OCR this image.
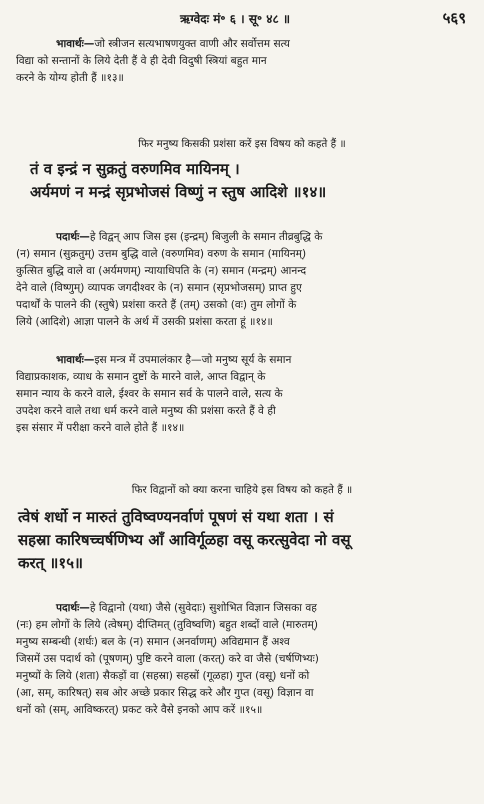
ऋग्वेदः मं॰ ६ । सू॰ ४८ ॥	५६९
भावार्थः—जो स्त्रीजन सत्यभाषणयुक्त वाणी और सर्वोत्तम सत्य
विद्या को सन्तानों के लिये देती हैं वे ही देवी विदुषी स्त्रियां बहुत मान
करने के योग्य होती हैं ॥१३॥
फिर मनुष्य किसकी प्रशंसा करें इस विषय को कहते हैं ॥
तं व इन्द्रं न सुक्रतुं वरुणमिव मायिनम् ।
अर्यमणं न मन्द्रं सृप्रभोजसं विष्णुं न स्तुष आदिशे ॥१४॥
पदार्थः—हे विद्वन् आप जिस इस (इन्द्रम्) बिजुली के समान तीव्रबुद्धि के
(न) समान (सुक्रतुम्) उत्तम बुद्धि वाले (वरुणमिव) वरुण के समान (मायिनम्)
कुत्सित बुद्धि वाले वा (अर्यमणम्) न्यायाधिपति के (न) समान (मन्द्रम्) आनन्द
देने वाले (विष्णुम्) व्यापक जगदीश्वर के (न) समान (सृप्रभोजसम्) प्राप्त हुए
पदार्थों के पालने की (स्तुषे) प्रशंसा करते हैं (तम्) उसको (वः) तुम लोगों के
लिये (आदिशे) आज्ञा पालने के अर्थ में उसकी प्रशंसा करता हूं ॥१४॥
भावार्थः—इस मन्त्र में उपमालंकार है—जो मनुष्य सूर्य के समान
विद्याप्रकाशक, व्याध के समान दुष्टों के मारने वाले, आप्त विद्वान् के
समान न्याय के करने वाले, ईश्वर के समान सर्व के पालने वाले, सत्य के
उपदेश करने वाले तथा धर्म करने वाले मनुष्य की प्रशंसा करते हैं वे ही
इस संसार में परीक्षा करने वाले होते हैं ॥१४॥
फिर विद्वानों को क्या करना चाहिये इस विषय को कहते हैं ॥
त्वेषं शर्धो न मारुतं तुविष्वण्यनर्वाणं पूषणं सं यथा शता । सं
सहस्रा कारिषच्चर्षणिभ्य आँ आविर्गूळहा वसू करत्सुवेदा नो वसू
करत् ॥१५॥
पदार्थः—हे विद्वानो (यथा) जैसे (सुवेदाः) सुशोभित विज्ञान जिसका वह
(नः) हम लोगों के लिये (त्वेषम्) दीप्तिमत् (तुविष्वणि) बहुत शब्दों वाले (मारुतम्)
मनुष्य सम्बन्धी (शर्धः) बल के (न) समान (अनर्वाणम्) अविद्यमान हैं अश्व
जिसमें उस पदार्थ को (पूषणम्) पुष्टि करने वाला (करत्) करे वा जैसे (चर्षणिभ्यः)
मनुष्यों के लिये (शता) सैकड़ों वा (सहस्रा) सहस्रों (गूळहा) गुप्त (वसू) धनों को
(आ, सम्, कारिषत्) सब ओर अच्छे प्रकार सिद्ध करे और गुप्त (वसू) विज्ञान वा
धनों को (सम्, आविष्करत्) प्रकट करे वैसे इनको आप करें ॥१५॥
